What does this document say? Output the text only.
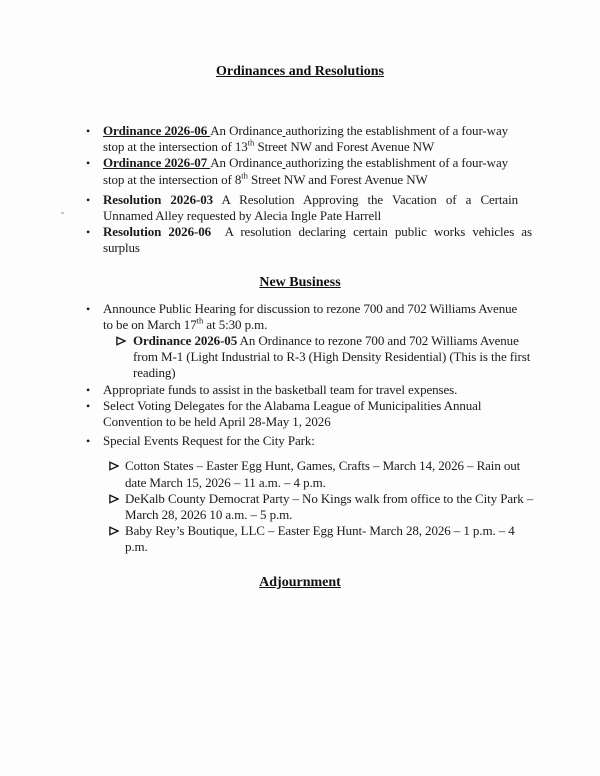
Ordinances and Resolutions
• Ordinance 2026-06 An Ordinance authorizing the establishment of a four-way
stop at the intersection of 13th Street NW and Forest Avenue NW
• Ordinance 2026-07 An Ordinance authorizing the establishment of a four-way
stop at the intersection of 8th Street NW and Forest Avenue NW
• Resolution 2026-03 A Resolution Approving the Vacation of a Certain
Unnamed Alley requested by Alecia Ingle Pate Harrell
• Resolution 2026-06  A resolution declaring certain public works vehicles as
surplus
New Business
• Announce Public Hearing for discussion to rezone 700 and 702 Williams Avenue
to be on March 17th at 5:30 p.m.
Ordinance 2026-05 An Ordinance to rezone 700 and 702 Williams Avenue
from M-1 (Light Industrial to R-3 (High Density Residential) (This is the first
reading)
• Appropriate funds to assist in the basketball team for travel expenses.
• Select Voting Delegates for the Alabama League of Municipalities Annual
Convention to be held April 28-May 1, 2026
• Special Events Request for the City Park:
Cotton States – Easter Egg Hunt, Games, Crafts – March 14, 2026 – Rain out
date March 15, 2026 – 11 a.m. – 4 p.m.
DeKalb County Democrat Party – No Kings walk from office to the City Park –
March 28, 2026 10 a.m. – 5 p.m.
Baby Rey’s Boutique, LLC – Easter Egg Hunt- March 28, 2026 – 1 p.m. – 4
p.m.
Adjournment
